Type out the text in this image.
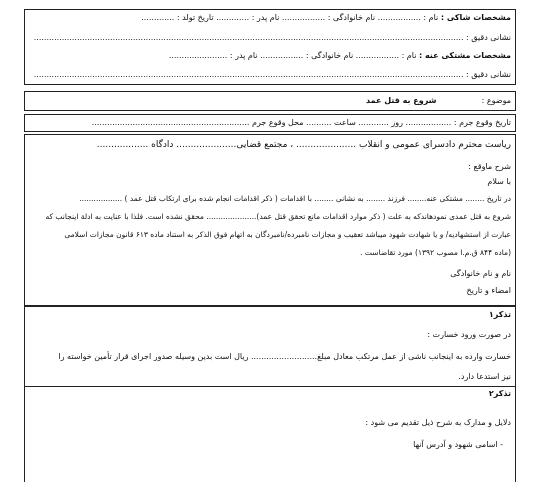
مشخصات شاکی : نام : ................. نام خانوادگی : ................. نام پدر : ............. تاریخ تولد : .............
نشانی دقیق : .........................................................................................................................................................................
مشخصات مشتکی عنه : نام : ................. نام خانوادگی : ................. نام پدر : .......................
نشانی دقیق : .........................................................................................................................................................................
موضوع :  شروع به قتل عمد
تاریخ وقوع جرم : .................. روز ............ ساعت .......... محل وقوع جرم ..............................................................
ریاست محترم دادسرای عمومی و انقلاب ..................... ، مجتمع قضایی..................... دادگاه ..................
شرح ماوقع :
با سلام
در تاریخ ........ مشتکی عنه........ فرزند ........ به نشانی ........ با اقدامات ( ذکر اقدامات انجام شده برای ارتکاب قتل عمد ) ..................
شروع به قتل عمدی نمودهاندکه به علت ( ذکر موارد اقدامات مانع تحقق قتل عمد)..................... محقق نشده است. فلذا با عنایت به ادلة اینجانب که
عبارت از استشهادیه/ و یا شهادت شهود میباشد تعقیب و مجازات نامبرده/نامبردگان به اتهام فوق الذکر به استناد ماده ۶۱۳ قانون مجازات اسلامی
(ماده ۸۴۴ ق.م.ا مصوب ۱۳۹۲) مورد تقاضاست .
نام و نام خانوادگی
امضاء و تاریخ
تذکر۱
در صورت ورود خسارت :
خسارت وارده به اینجانب ناشی از عمل مرتکب معادل مبلغ.......................... ریال است بدین وسیله صدور اجرای قرار تأمین خواسته را
نیز استدعا دارد.
تذکر۲
دلایل و مدارک به شرح ذیل تقدیم می شود :
- اسامی شهود و آدرس آنها
